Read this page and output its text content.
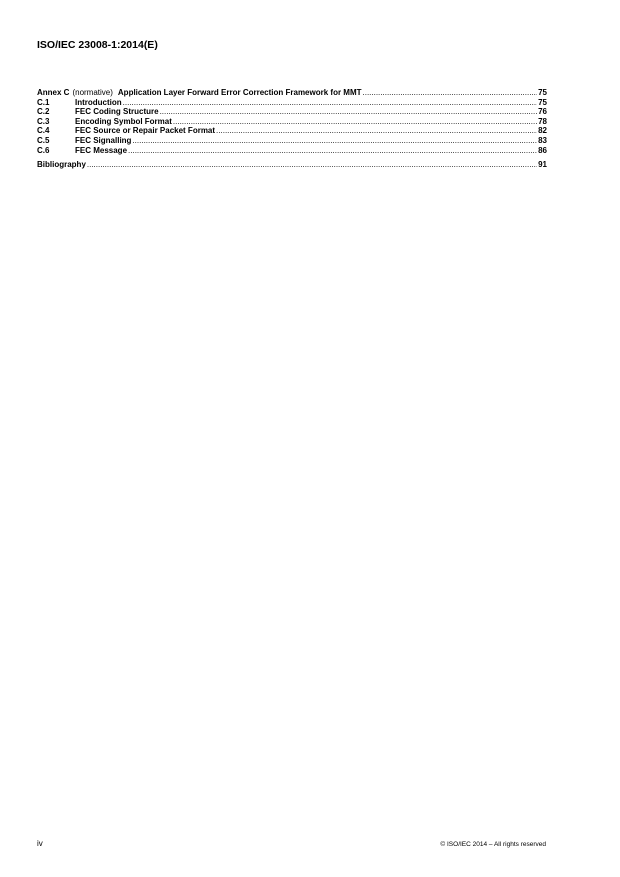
ISO/IEC 23008-1:2014(E)
Annex C (normative) Application Layer Forward Error Correction Framework for MMT .....	75
C.1	Introduction .....	75
C.2	FEC Coding Structure .....	76
C.3	Encoding Symbol Format .....	78
C.4	FEC Source or Repair Packet Format .....	82
C.5	FEC Signalling .....	83
C.6	FEC Message .....	86
Bibliography .....	91
iv	© ISO/IEC 2014 – All rights reserved
